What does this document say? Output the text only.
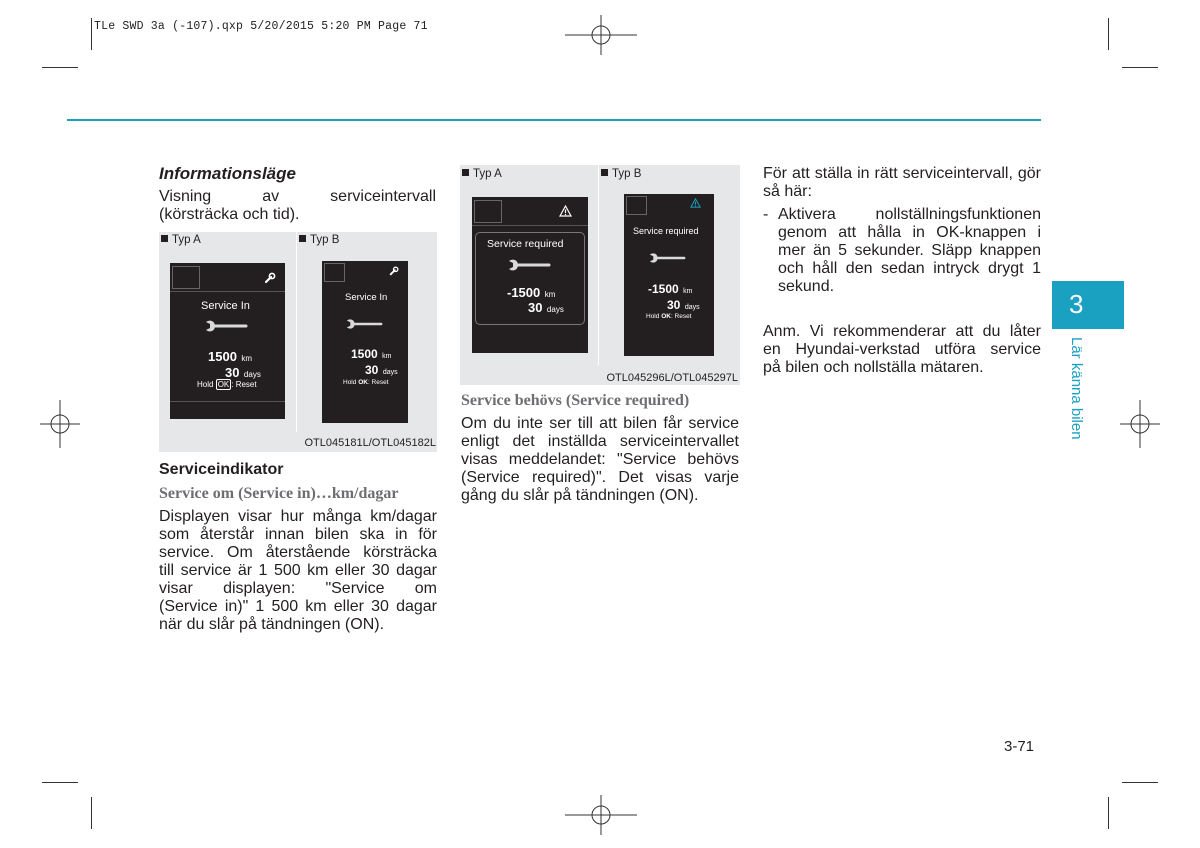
TLe SWD 3a (-107).qxp 5/20/2015 5:20 PM Page 71
Informationsläge
Visning av serviceintervall
(körsträcka och tid).
Typ A	Typ B
Service In
1500 km
30 days
Hold OK : Reset
Service In
1500 km
30 days
Hold OK: Reset
OTL045181L/OTL045182L
Serviceindikator
Service om (Service in)…km/dagar
Displayen visar hur många km/dagar
som återstår innan bilen ska in för
service. Om återstående körsträcka
till service är 1 500 km eller 30 dagar
visar displayen: "Service om
(Service in)" 1 500 km eller 30 dagar
när du slår på tändningen (ON).
Typ A	Typ B
Service required
-1500 km
30 days
Service required
-1500 km
30 days
Hold OK: Reset
OTL045296L/OTL045297L
Service behövs (Service required)
Om du inte ser till att bilen får service
enligt det inställda serviceintervallet
visas meddelandet: "Service behövs
(Service required)". Det visas varje
gång du slår på tändningen (ON).
För att ställa in rätt serviceintervall, gör
så här:
- Aktivera nollställningsfunktionen
genom att hålla in OK-knappen i
mer än 5 sekunder. Släpp knappen
och håll den sedan intryck drygt 1
sekund.
Anm. Vi rekommenderar att du låter
en Hyundai-verkstad utföra service
på bilen och nollställa mätaren.
3
Lär känna bilen
3-71
